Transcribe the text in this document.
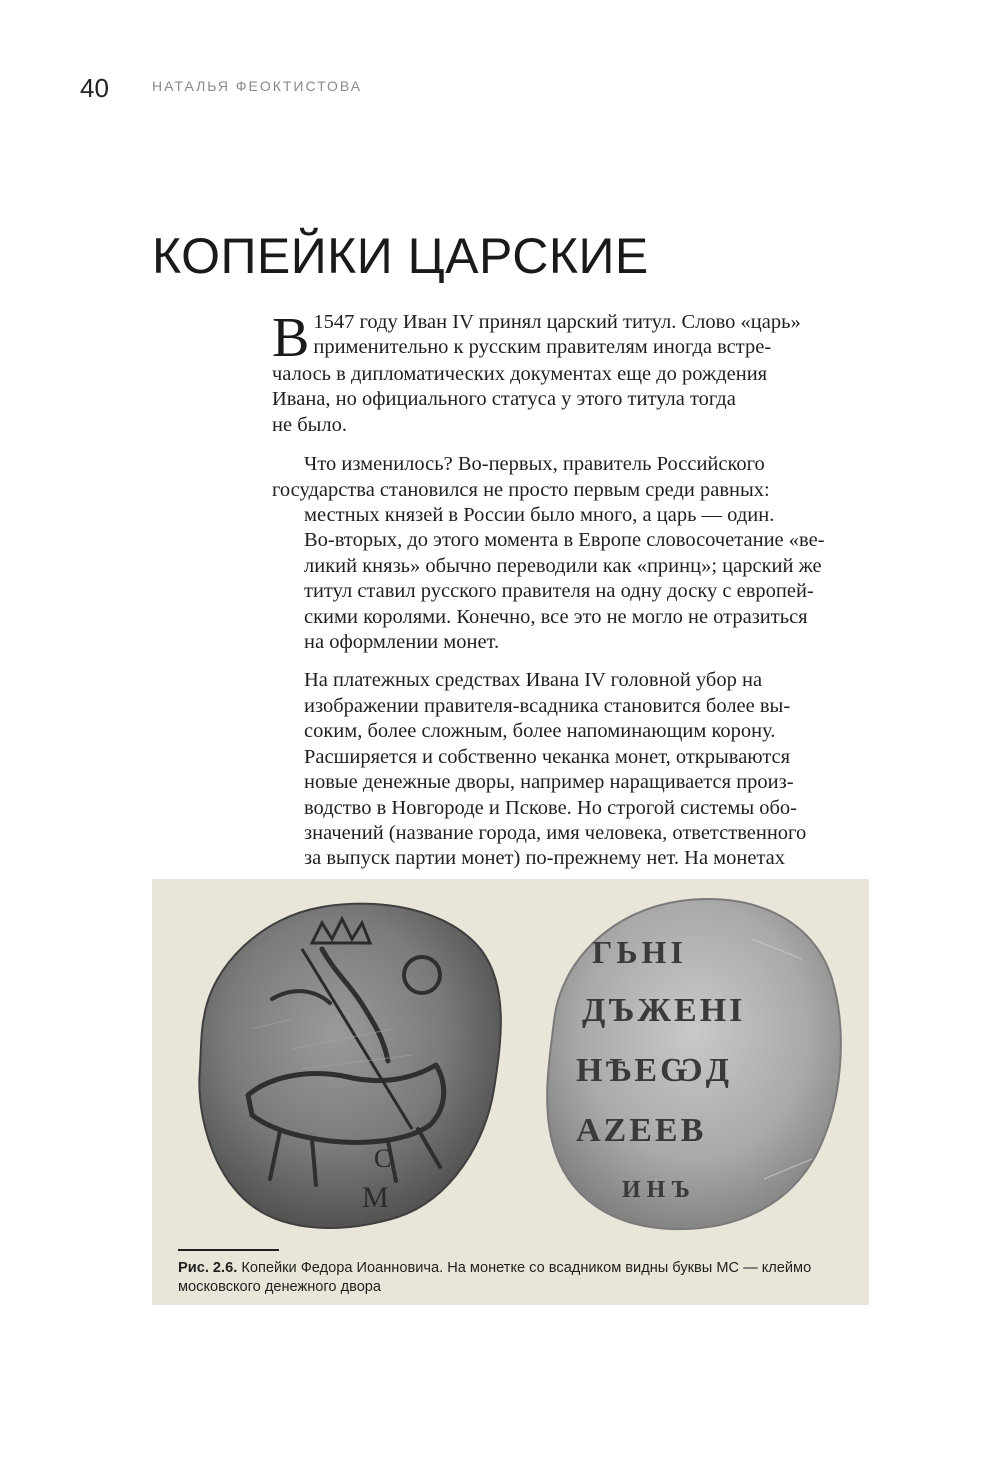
40	НАТАЛЬЯ ФЕОКТИСТОВА
КОПЕЙКИ ЦАРСКИЕ

В 1547 году Иван IV принял царский титул. Слово «царь»
применительно к русским правителям иногда встре-
чалось в дипломатических документах еще до рождения
Ивана, но официального статуса у этого титула тогда
не было.

Что изменилось? Во-первых, правитель Российского
государства становился не просто первым среди равных:
местных князей в России было много, а царь — один.
Во-вторых, до этого момента в Европе словосочетание «ве-
ликий князь» обычно переводили как «принц»; царский же
титул ставил русского правителя на одну доску с европей-
скими королями. Конечно, все это не могло не отразиться
на оформлении монет.

На платежных средствах Ивана IV головной убор на
изображении правителя-всадника становится более вы-
соким, более сложным, более напоминающим корону.
Расширяется и собственно чеканка монет, открываются
новые денежные дворы, например наращивается произ-
водство в Новгороде и Пскове. Но строгой системы обо-
значений (название города, имя человека, ответственного
за выпуск партии монет) по-прежнему нет. На монетах

С
М
ГЬНІ
ДЪЖЕНІ
НѢЕѠД
АZЕЕВ
ИНЪ
Рис. 2.6. Копейки Федора Иоанновича. На монетке со всадником видны буквы МС — клеймо московского денежного двора
